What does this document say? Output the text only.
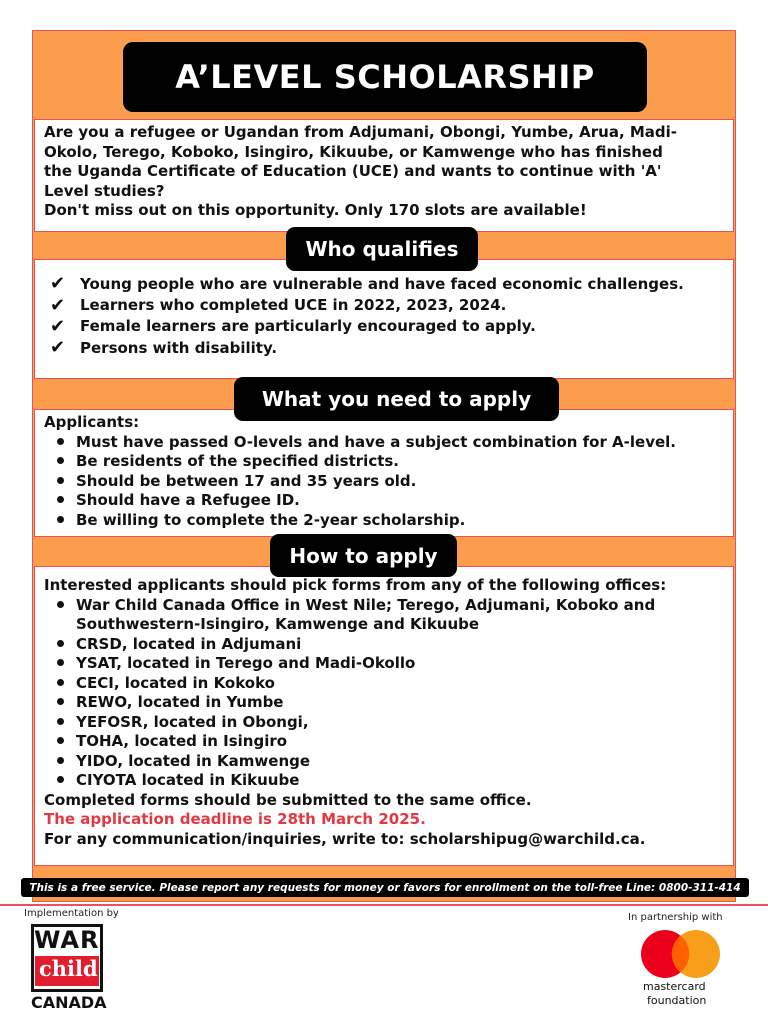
A’LEVEL SCHOLARSHIP
Are you a refugee or Ugandan from Adjumani, Obongi, Yumbe, Arua, Madi-
Okolo, Terego, Koboko, Isingiro, Kikuube, or Kamwenge who has finished
the Uganda Certificate of Education (UCE) and wants to continue with 'A'
Level studies?
Don't miss out on this opportunity. Only 170 slots are available!
Who qualifies
✔ Young people who are vulnerable and have faced economic challenges.
✔ Learners who completed UCE in 2022, 2023, 2024.
✔ Female learners are particularly encouraged to apply.
✔ Persons with disability.
What you need to apply
Applicants:
Must have passed O-levels and have a subject combination for A-level.
Be residents of the specified districts.
Should be between 17 and 35 years old.
Should have a Refugee ID.
Be willing to complete the 2-year scholarship.
How to apply
Interested applicants should pick forms from any of the following offices:
War Child Canada Office in West Nile; Terego, Adjumani, Koboko and
Southwestern-Isingiro, Kamwenge and Kikuube
CRSD, located in Adjumani
YSAT, located in Terego and Madi-Okollo
CECI, located in Kokoko
REWO, located in Yumbe
YEFOSR, located in Obongi,
TOHA, located in Isingiro
YIDO, located in Kamwenge
CIYOTA located in Kikuube
Completed forms should be submitted to the same office.
The application deadline is 28th March 2025.
For any communication/inquiries, write to: scholarshipug@warchild.ca.
This is a free service. Please report any requests for money or favors for enrollment on the toll-free Line: 0800-311-414
Implementation by	In partnership with
WAR
child
CANADA
mastercard
foundation
